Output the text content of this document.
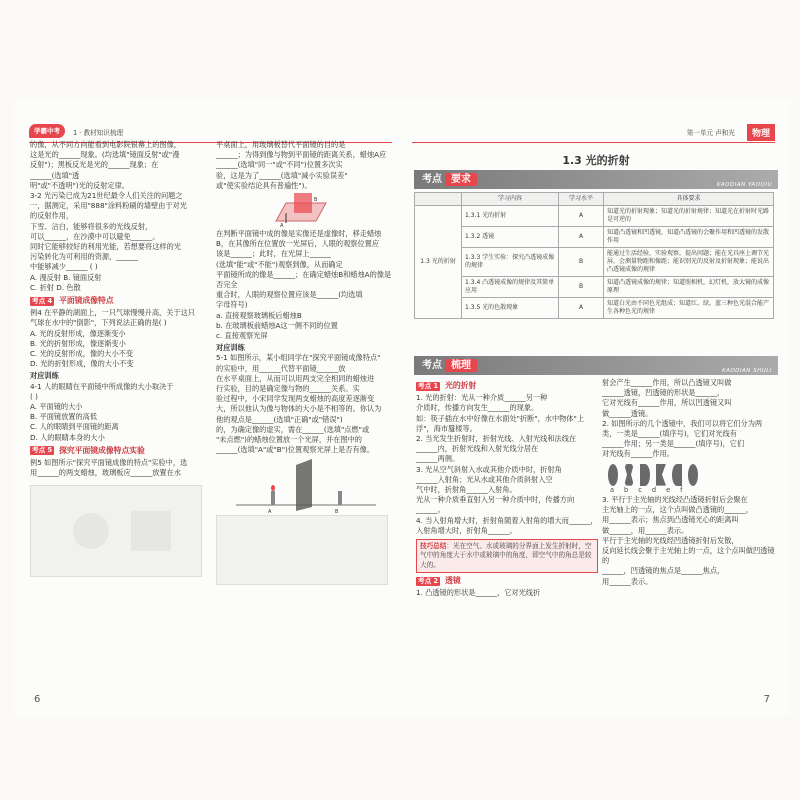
学霸中考	1 · 教材知识梳理
的像，从不同方向能看到电影院银幕上的图像，
这是光的______现象。(均选填"镜面反射"或"漫
反射")；黑板反光是光的______现象；在
______(选填"透
明"或"不透明")光的反射定律。
3-2 光污染已成为21世纪最令人们关注的问题之
一，据测定，采用"888"涂料粉刷的墙壁由于对光
的反射作用，
下雪、沾白，能够将很多的光线反射，
可以______，在沙漠中可以避免______。
同时它能够较好的利用光能，若想要将这样的光
污染转化为可利用的资源，______
中能够减少______ ( )
A. 漫反射 B. 镜面反射
C. 折射 D. 色散
考点 4 平面镜成像特点
例4 在平静的湖面上，一只气球慢慢升高，关于这只
气球在水中的"倒影"，下列说法正确的是( )
A. 光的反射形成，像逐渐变小
B. 光的折射形成，像逐渐变小
C. 光的反射形成，像的大小不变
D. 光的折射形成，像的大小不变
对应训练
4-1 人的眼睛在平面镜中所成像的大小取决于
( )
A. 平面镜的大小
B. 平面镜放置的高低
C. 人的眼睛到平面镜的距离
D. 人的眼睛本身的大小
考点 5 探究平面镜成像特点实验
例5 如图所示"探究平面镜成像的特点"实验中，选
用______的两支蜡烛，玻璃板应______放置在水
平桌面上，用玻璃板替代平面镜的目的是
______；为得到像与物到平面镜的距离关系，蜡烛A应
______(选填"同一"或"不同")位置多次实
验，这是为了______(选填"减小实验误差"
或"使实验结论具有普遍性")。
A
B
在判断平面镜中成的像是实像还是虚像时，移走蜡烛
B，在其像所在位置放一光屏后，人眼的观察位置应
该是______；此时，在光屏上______
(选填"能"或"不能")观察到像，从而确定
平面镜所成的像是______；在确定蜡烛B和蜡烛A的像是否完全
重合时，人眼的观察位置应该是______(均选填
字母符号)
a. 直接观察玻璃板后蜡烛B
b. 在玻璃板前蜡烛A这一侧不同的位置
c. 直接观察光屏
对应训练
5-1 如图所示，某小组同学在"探究平面镜成像特点"
的实验中，用______代替平面镜______放
在水平桌面上，从而可以用两支完全相同的蜡烛进
行实验，目的是确定像与物的______关系。实
验过程中，小宋同学发现两支蜡烛的高度差逐渐变
大，所以他认为像与物体的大小是不相等的。你认为
他的观点是______(选填"正确"或"错误")
的，为确定像的虚实，需在______(选填"点燃"或
"未点燃")的蜡烛位置放一个光屏，并在图中的
______(选填"A"或"B")位置观察光屏上是否有像。
A	B
6
第一单元 声和光	物理
1.3 光的折射
考点 要求	KAODIAN YAOQIU
	学习内容	学习水平	具体要求
1.3 光的折射	1.3.1 光的折射	A	知道光的折射现象；知道光的折射规律；知道光在折射时光路是可逆的
	1.3.2 透镜	A	知道凸透镜和凹透镜，知道凸透镜的会聚作用和凹透镜的发散作用
	1.3.3 学生实验：探究凸透镜成像的规律	B	能通过生活经验，实验观察，提出问题；能在光具座上调节光屏，会测量物距和像距；能识别光的反射及折射现象；能说出凸透镜成像的规律
	1.3.4 凸透镜成像的规律及其简单应用	B	知道凸透镜成像的规律；知道照相机，幻灯机，放大镜的成像原理
	1.3.5 光的色散现象	A	知道白光由不同色光组成；知道红，绿，蓝三种色光混合能产生各种色光的规律
考点 梳理	KAODIAN SHULI
考点 1 光的折射
1. 光的折射：光从一种介质______另一种
介质时，传播方向发生______的现象。
如：筷子插在水中好像在水面处"折断"，水中物体"上
浮"，海市蜃楼等。
2. 当光发生折射时，折射光线、入射光线和法线在
______内，折射光线和入射光线分居在
______两侧。
3. 光从空气斜射入水或其他介质中时，折射角
______入射角；光从水或其他介质斜射入空
气中时，折射角______入射角。
光从一种介质垂直射入另一种介质中时，传播方向
______。
4. 当入射角增大时，折射角随着入射角的增大而______，
入射角增大时，折射角______。
技巧总结：光在空气、水或玻璃的分界面上发生折射时，空气中的角度大于水中或玻璃中的角度，即空气中的角总是较大的。
考点 2 透镜
1. 凸透镜的形状是______，它对光线折
射会产生______作用，所以凸透镜又叫做
______透镜，凹透镜的形状是______，
它对光线有______作用，所以凹透镜又叫
做______透镜。
2. 如图所示的几个透镜中，我们可以将它们分为两
类，一类是______(填序号)，它们对光线有
______作用；另一类是______(填序号)，它们
对光线有______作用。
a b c d e f
3. 平行于主光轴的光线经凸透镜折射后会聚在
主光轴上的一点，这个点叫做凸透镜的______，
用______表示；焦点到凸透镜光心的距离叫
做______，用______表示。
平行于主光轴的光线经凹透镜折射后发散，
反向延长线会聚于主光轴上的一点，这个点叫做凹透镜的
______，凹透镜的焦点是______焦点，
用______表示。
7
